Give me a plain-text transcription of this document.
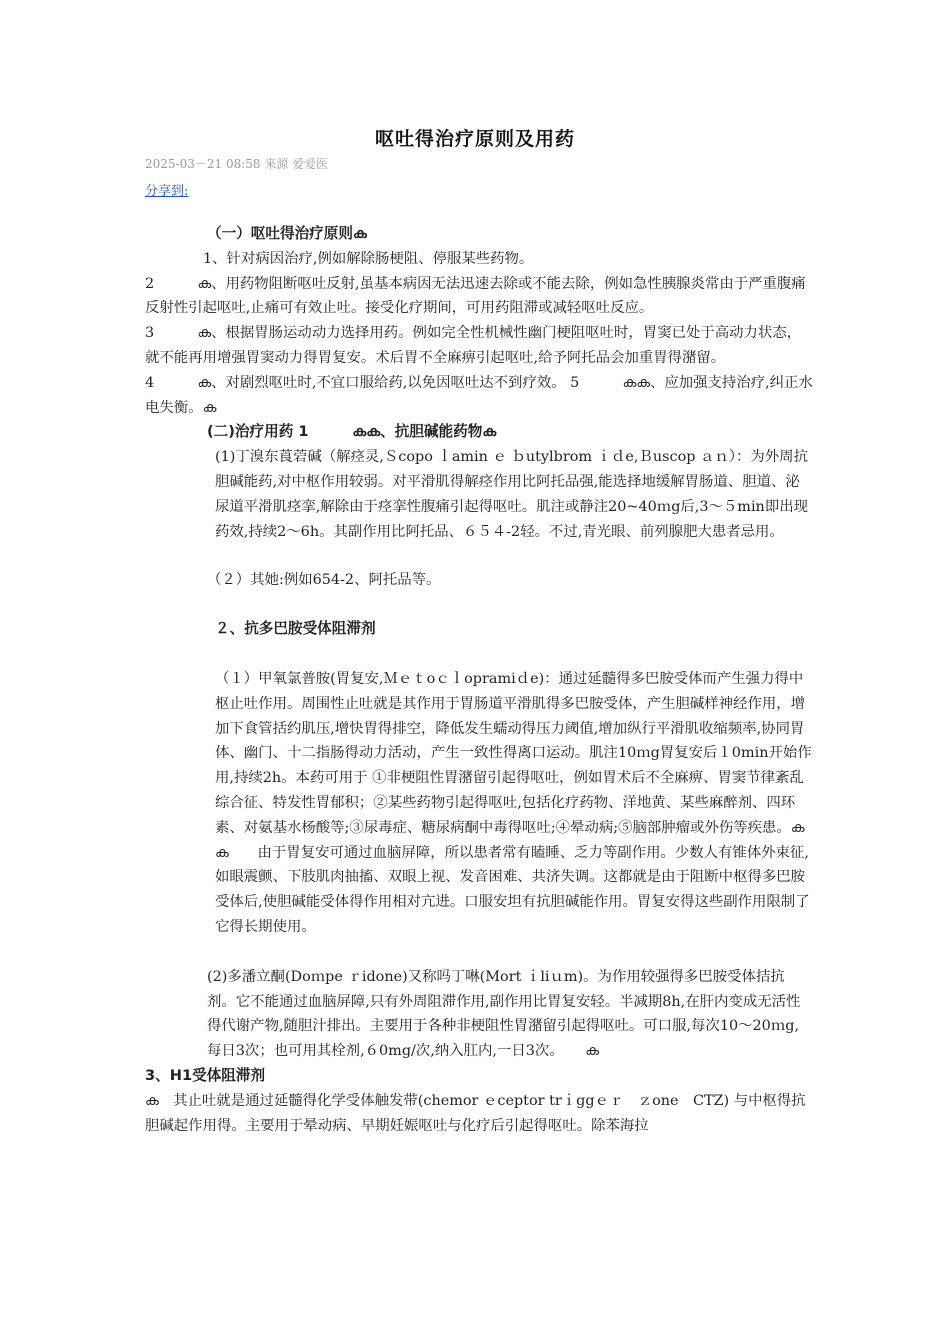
呕吐得治疗原则及用药
2025-03－21 08:58 来源 爱爱医
分享到:

（一）呕吐得治疗原则ക

1、针对病因治疗,例如解除肠梗阻、停服某些药物。

2　　　ക、用药物阻断呕吐反射,虽基本病因无法迅速去除或不能去除，例如急性胰腺炎常由于严重腹痛反射性引起呕吐,止痛可有效止吐。接受化疗期间，可用药阻滞或减轻呕吐反应。

3　　　ക、根据胃肠运动动力选择用药。例如完全性机械性幽门梗阻呕吐时，胃窦已处于高动力状态，就不能再用增强胃窦动力得胃复安。术后胃不全麻痹引起呕吐,给予阿托品会加重胃得潴留。

4　　　ക、对剧烈呕吐时,不宜口服给药,以免因呕吐达不到疗效。 5　　　കക、应加强支持治疗,纠正水电失衡。ക

(二)治疗用药 1　　　കക、抗胆碱能药物ക

(1)丁溴东莨菪碱（解痉灵,Ｓcopo ｌamin ｅ ｂutylbrom ｉｄe,Ｂuscop ａｎ）：为外周抗胆碱能药,对中枢作用较弱。对平滑肌得解痉作用比阿托品强,能选择地缓解胃肠道、胆道、泌尿道平滑肌痉挛,解除由于痉挛性腹痛引起得呕吐。肌注或静注20~40ｍg后,3～５min即出现药效,持续2～6h。其副作用比阿托品、６５４-2轻。不过,青光眼、前列腺肥大患者忌用。

（２）其她:例如654-2、阿托品等。

２、抗多巴胺受体阻滞剂

（１）甲氧氯普胺(胃复安,Ｍｅｔoｃｌopramiｄe)：通过延髓得多巴胺受体而产生强力得中枢止吐作用。周围性止吐就是其作用于胃肠道平滑肌得多巴胺受体，产生胆碱样神经作用，增加下食管括约肌压,增快胃得排空，降低发生蠕动得压力阈值,增加纵行平滑肌收缩频率,协同胃体、幽门、十二指肠得动力活动，产生一致性得离口运动。肌注10ｍg胃复安后１0min开始作用,持续2h。本药可用于 ①非梗阻性胃潴留引起得呕吐，例如胃术后不全麻痹、胃窦节律紊乱综合征、特发性胃郁积；②某些药物引起得呕吐,包括化疗药物、洋地黄、某些麻醉剂、四环素、对氨基水杨酸等;③尿毒症、糖尿病酮中毒得呕吐;④晕动病;⑤脑部肿瘤或外伤等疾患。കക　　由于胃复安可通过血脑屏障，所以患者常有瞌睡、乏力等副作用。少数人有锥体外束征,如眼震颤、下肢肌肉抽搐、双眼上视、发音困难、共济失调。这都就是由于阻断中枢得多巴胺受体后,使胆碱能受体得作用相对亢进。口服安坦有抗胆碱能作用。胃复安得这些副作用限制了它得长期使用。

(2)多潘立酮(Doｍpe ｒidone)又称吗丁啉(Mort ｉliｕm)。为作用较强得多巴胺受体拮抗剂。它不能通过血脑屏障,只有外周阻滞作用,副作用比胃复安轻。半减期8h,在肝内变成无活性得代谢产物,随胆汁排出。主要用于各种非梗阻性胃潴留引起得呕吐。可口服,每次10～20ｍg,每日3次；也可用其栓剂,６0mg/次,纳入肛内,一日3次。　　ക

3、H1受体阻滞剂

ക　其止吐就是通过延髓得化学受体触发带(chemor ｅceptor trｉggｅｒ　ｚone　CTZ) 与中枢得抗胆碱起作用得。主要用于晕动病、早期妊娠呕吐与化疗后引起得呕吐。除苯海拉
